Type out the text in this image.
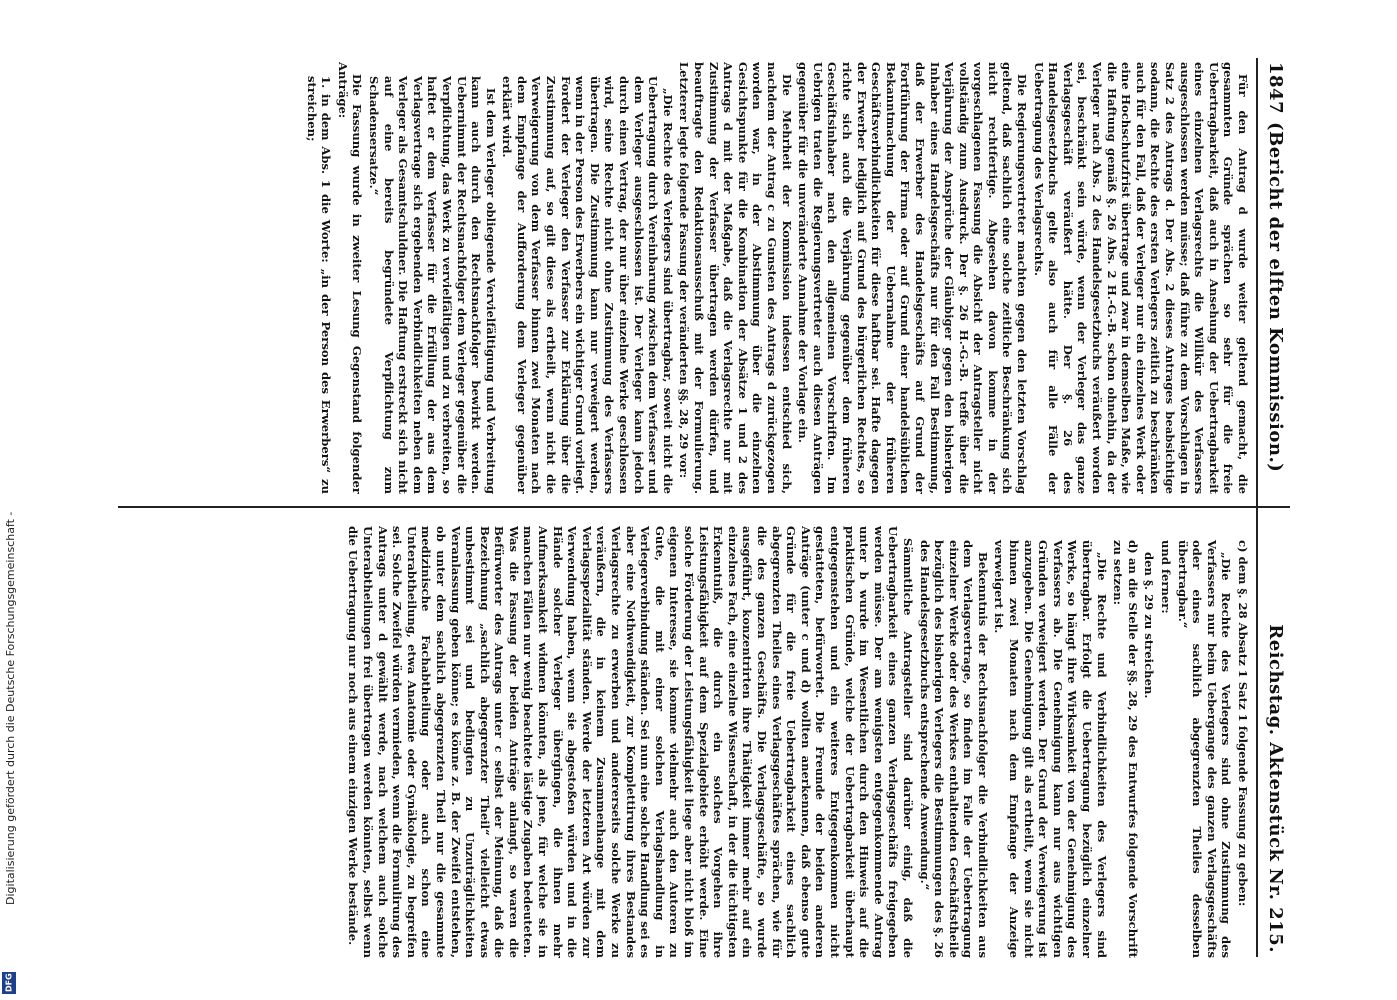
1847
(Bericht der elften Kommission.)
Reichstag. Aktenstück Nr. 215.

Für den Antrag d wurde weiter geltend gemacht, die gesammten Gründe sprächen so sehr für die freie Uebertragbarkeit, daß auch in Ansehung der Uebertragbarkeit eines einzelnen Verlagsrechts die Willkür des Verfassers ausgeschlossen werden müsse; daß führe zu dem Vorschlagen in Satz 2 des Antrags d. Der Abs. 2 dieses Antrages beabsichtige sodann, die Rechte des ersten Verlegers zeitlich zu beschränken auch für den Fall, daß der Verleger nur ein einzelnes Werk oder eine Hochschutzfrist übertrage und zwar in demselben Maße, wie die Haftung gemäß §. 26 Abs. 2 H.-G.-B. schon ohnehin, da der Verleger nach Abs. 2 des Handelsgesetzbuchs veräußert worden sei, beschränkt sein würde, wenn der Verleger das ganze Verlagsgeschäft veräußert hätte. Der §. 26 des Handelsgesetzbuchs gelte also auch für alle Fälle der Uebertragung des Verlagsrechts.

Die Regierungsvertreter machten gegen den letzten Vorschlag geltend, daß sachlich eine solche zeitliche Beschränkung sich nicht rechtfertige. Abgesehen davon komme in der vorgeschlagenen Fassung die Absicht der Antragsteller nicht vollständig zum Ausdruck. Der §. 26 H.-G.-B. treffe über die Verjährung der Ansprüche der Gläubiger gegen den bisherigen Inhaber eines Handelsgeschäfts nur für den Fall Bestimmung, daß der Erwerber des Handelsgeschäfts auf Grund der Fortführung der Firma oder auf Grund einer handelsüblichen Bekanntmachung der Uebernahme der früheren Geschäftsverbindlichkeiten für diese haftbar sei. Hafte dagegen der Erwerber lediglich auf Grund des bürgerlichen Rechtes, so richte sich auch die Verjährung gegenüber dem früheren Geschäftsinhaber nach den allgemeinen Vorschriften. Im Uebrigen traten die Regierungsvertreter auch diesen Anträgen gegenüber für die unveränderte Annahme der Vorlage ein.

Die Mehrheit der Kommission indessen entschied sich, nachdem der Antrag c zu Gunsten des Antrags d zurückgezogen worden war, in der Abstimmung über die einzelnen Gesichtspunkte für die Kombination der Absätze 1 und 2 des Antrags d mit der Maßgabe, daß die Verlagsrechte nur mit Zustimmung der Verfasser übertragen werden dürfen, und beauftragte den Redaktionsausschuß mit der Formulierung. Letzterer legte folgende Fassung der veränderten §§. 28, 29 vor:

„Die Rechte des Verlegers sind übertragbar, soweit nicht die Uebertragung durch Vereinbarung zwischen dem Verfasser und dem Verleger ausgeschlossen ist. Der Verleger kann jedoch durch einen Vertrag, der nur über einzelne Werke geschlossen wird, seine Rechte nicht ohne Zustimmung des Verfassers übertragen. Die Zustimmung kann nur verweigert werden, wenn in der Person des Erwerbers ein wichtiger Grund vorliegt. Fordert der Verleger den Verfasser zur Erklärung über die Zustimmung auf, so gilt diese als ertheilt, wenn nicht die Verweigerung von dem Verfasser binnen zwei Monaten nach dem Empfange der Aufforderung dem Verleger gegenüber erklärt wird.

Ist dem Verleger obliegende Vervielfältigung und Verbreitung kann auch durch den Rechtsnachfolger bewirkt werden. Uebernimmt der Rechtsnachfolger dem Verleger gegenüber die Verpflichtung, das Werk zu vervielfältigen und zu verbreiten, so haftet er dem Verfasser für die Erfüllung der aus dem Verlagsvertrage sich ergebenden Verbindlichkeiten neben dem Verleger als Gesamtschuldner. Die Haftung erstreckt sich nicht auf eine bereits begründete Verpflichtung zum Schadensersatze.“

Die Fassung wurde in zweiter Lesung Gegenstand folgender Anträge:

1. in dem Abs. 1 die Worte: „in der Person des Erwerbers“ zu streichen;

c) dem §. 28 Absatz 1 Satz 1 folgende Fassung zu geben:

„Die Rechte des Verlegers sind ohne Zustimmung des Verfassers nur beim Uebergange des ganzen Verlagsgeschäfts oder eines sachlich abgegrenzten Theiles desselben übertragbar.“

und ferner:

den §. 29 zu streichen.

d) an die Stelle der §§. 28, 29 des Entwurfes folgende Vorschrift zu setzen:

„Die Rechte und Verbindlichkeiten des Verlegers sind übertragbar. Erfolgt die Uebertragung bezüglich einzelner Werke, so hängt ihre Wirksamkeit von der Genehmigung des Verfassers ab. Die Genehmigung kann nur aus wichtigen Gründen verweigert werden. Der Grund der Verweigerung ist anzugeben. Die Genehmigung gilt als ertheilt, wenn sie nicht binnen zwei Monaten nach dem Empfange der Anzeige verweigert ist.

Bekenntnis der Rechtsnachfolger die Verbindlichkeiten aus dem Verlagsvertrage, so finden im Falle der Uebertragung einzelner Werke oder des Werkes enthaltenden Geschäftstheile bezüglich des bisherigen Verlegers die Bestimmungen des §. 26 des Handelsgesetzbuchs entsprechende Anwendung.“

Sämmtliche Antragsteller sind darüber einig, daß die Uebertragbarkeit eines ganzen Verlagsgeschäfts freigegeben werden müsse. Der am wenigsten entgegenkommende Antrag unter b wurde im Wesentlichen durch den Hinweis auf die praktischen Gründe, welche der Uebertragbarkeit überhaupt entgegenstehen und ein weiteres Entgegenkommen nicht gestatteten, befürwortet. Die Freunde der beiden anderen Anträge (unter c und d) wollten anerkennen, daß ebenso gute Gründe für die freie Uebertragbarkeit eines sachlich abgegrenzten Theiles eines Verlagsgeschäftes sprächen, wie für die des ganzen Geschäfts. Die Verlagsgeschäfte, so wurde ausgeführt, konzentrirten ihre Thätigkeit immer mehr auf ein einzelnes Fach, eine einzelne Wissenschaft, in der die tüchtigsten Erkenntniß, die durch ein solches Vorgehen ihre Leistungsfähigkeit auf dem Spezialgebiete erhöht werde. Eine solche Förderung der Leistungsfähigkeit liege aber nicht bloß im eigenen Interesse, sie komme vielmehr auch den Autoren zu Gute, die mit einer solchen Verlagshandlung in Verlegerverbindung ständen. Sei nun eine solche Handlung sei es aber eine Nothwendigkeit, zur Komplettirung ihres Bestandes Verlagsrechte zu erwerben und andererseits solche Werke zu veräußern, die in keinem Zusammenhange mit dem Verlagsspezialität ständen. Werde der letzteren Art würden zur Verwendung haben, wenn sie abgestoßen würden und in die Hände solcher Verleger übergingen, die ihnen mehr Aufmerksamkeit widmen könnten, als jene, für welche sie in manchen Fällen nur wenig beachtete lästige Zugaben bedeuteten. Was die Fassung der beiden Anträge anlangt, so waren die Befürworter des Antrags unter c selbst der Meinung, daß die Bezeichnung „sachlich abgegrenzter Theil“ vielleicht etwas unbestimmt sei und bedingten zu Unzuträglichkeiten Veranlassung geben könne; es könne z. B. der Zweifel entstehen, ob unter dem sachlich abgegrenzten Theil nur die gesammte medizinische Fachabtheilung oder auch schon eine Unterabtheilung, etwa Anatomie oder Gynäkologie, zu begreifen sei. Solche Zweifel würden vermieden, wenn die Formulirung des Antrags unter d gewählt werde, nach welchem auch solche Unterabtheilungen frei übertragen werden könnten, selbst wenn die Uebertragung nur noch aus einem einzigen Werke bestände.

Digitalisierung gefördert durch die Deutsche Forschungsgemeinschaft -
DFG
